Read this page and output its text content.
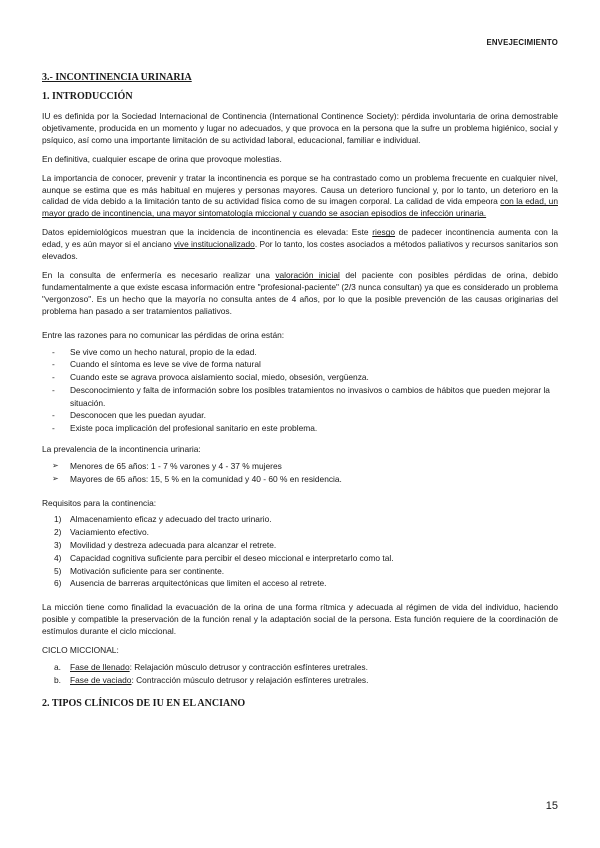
ENVEJECIMIENTO
3.- INCONTINENCIA URINARIA
1. INTRODUCCIÓN

IU es definida por la Sociedad Internacional de Continencia (International Continence Society): pérdida involuntaria de orina demostrable objetivamente, producida en un momento y lugar no adecuados, y que provoca en la persona que la sufre un problema higiénico, social y psíquico, así como una importante limitación de su actividad laboral, educacional, familiar e individual.

En definitiva, cualquier escape de orina que provoque molestias.

La importancia de conocer, prevenir y tratar la incontinencia es porque se ha contrastado como un problema frecuente en cualquier nivel, aunque se estima que es más habitual en mujeres y personas mayores. Causa un deterioro funcional y, por lo tanto, un deterioro en la calidad de vida debido a la limitación tanto de su actividad física como de su imagen corporal. La calidad de vida empeora con la edad, un mayor grado de incontinencia, una mayor sintomatología miccional y cuando se asocian episodios de infección urinaria.

Datos epidemiológicos muestran que la incidencia de incontinencia es elevada: Este riesgo de padecer incontinencia aumenta con la edad, y es aún mayor si el anciano vive institucionalizado. Por lo tanto, los costes asociados a métodos paliativos y recursos sanitarios son elevados.

En la consulta de enfermería es necesario realizar una valoración inicial del paciente con posibles pérdidas de orina, debido fundamentalmente a que existe escasa información entre "profesional-paciente" (2/3 nunca consultan) ya que es considerado un problema "vergonzoso". Es un hecho que la mayoría no consulta antes de 4 años, por lo que la posible prevención de las causas originarias del problema han pasado a ser tratamientos paliativos.

Entre las razones para no comunicar las pérdidas de orina están:

- Se vive como un hecho natural, propio de la edad.
- Cuando el síntoma es leve se vive de forma natural
- Cuando este se agrava provoca aislamiento social, miedo, obsesión, vergüenza.
- Desconocimiento y falta de información sobre los posibles tratamientos no invasivos o cambios de hábitos que pueden mejorar la situación.
- Desconocen que les puedan ayudar.
- Existe poca implicación del profesional sanitario en este problema.

La prevalencia de la incontinencia urinaria:

➢ Menores de 65 años: 1 - 7 % varones y 4 - 37 % mujeres
➢ Mayores de 65 años: 15, 5 % en la comunidad y 40 - 60 % en residencia.

Requisitos para la continencia:

1) Almacenamiento eficaz y adecuado del tracto urinario.
2) Vaciamiento efectivo.
3) Movilidad y destreza adecuada para alcanzar el retrete.
4) Capacidad cognitiva suficiente para percibir el deseo miccional e interpretarlo como tal.
5) Motivación suficiente para ser continente.
6) Ausencia de barreras arquitectónicas que limiten el acceso al retrete.

La micción tiene como finalidad la evacuación de la orina de una forma rítmica y adecuada al régimen de vida del individuo, haciendo posible y compatible la preservación de la función renal y la adaptación social de la persona. Esta función requiere de la coordinación de estímulos durante el ciclo miccional.

CICLO MICCIONAL:

a. Fase de llenado: Relajación músculo detrusor y contracción esfínteres uretrales.
b. Fase de vaciado: Contracción músculo detrusor y relajación esfínteres uretrales.
2. TIPOS CLÍNICOS DE IU EN EL ANCIANO
15
